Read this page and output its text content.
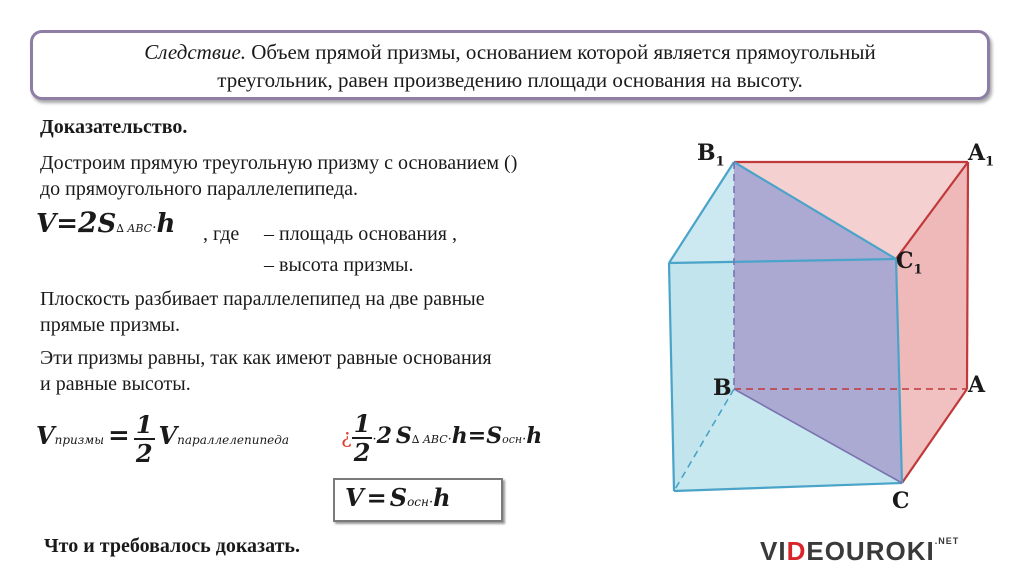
Следствие. Объем прямой призмы, основанием которой является прямоугольный
треугольник, равен произведению площади основания на высоту.
Доказательство.
Достроим прямую треугольную призму с основанием ()
до прямоугольного параллелепипеда.
V=2S∆ ABC·h , где – площадь основания ,
– высота призмы.
Плоскость разбивает параллелепипед на две равные
прямые призмы.
Эти призмы равны, так как имеют равные основания
и равные высоты.
Vпризмы = $\frac{1}{2}$ Vпараллелепипеда	¿ $\frac{1}{2} \cdot 2$ S∆ ABC·h=Sосн·h
V = Sосн·h
Что и требовалось доказать.
$B_1$	$A_1$
$C_1$
B	A
C
$VIDEOUROKI^{.NET}$
